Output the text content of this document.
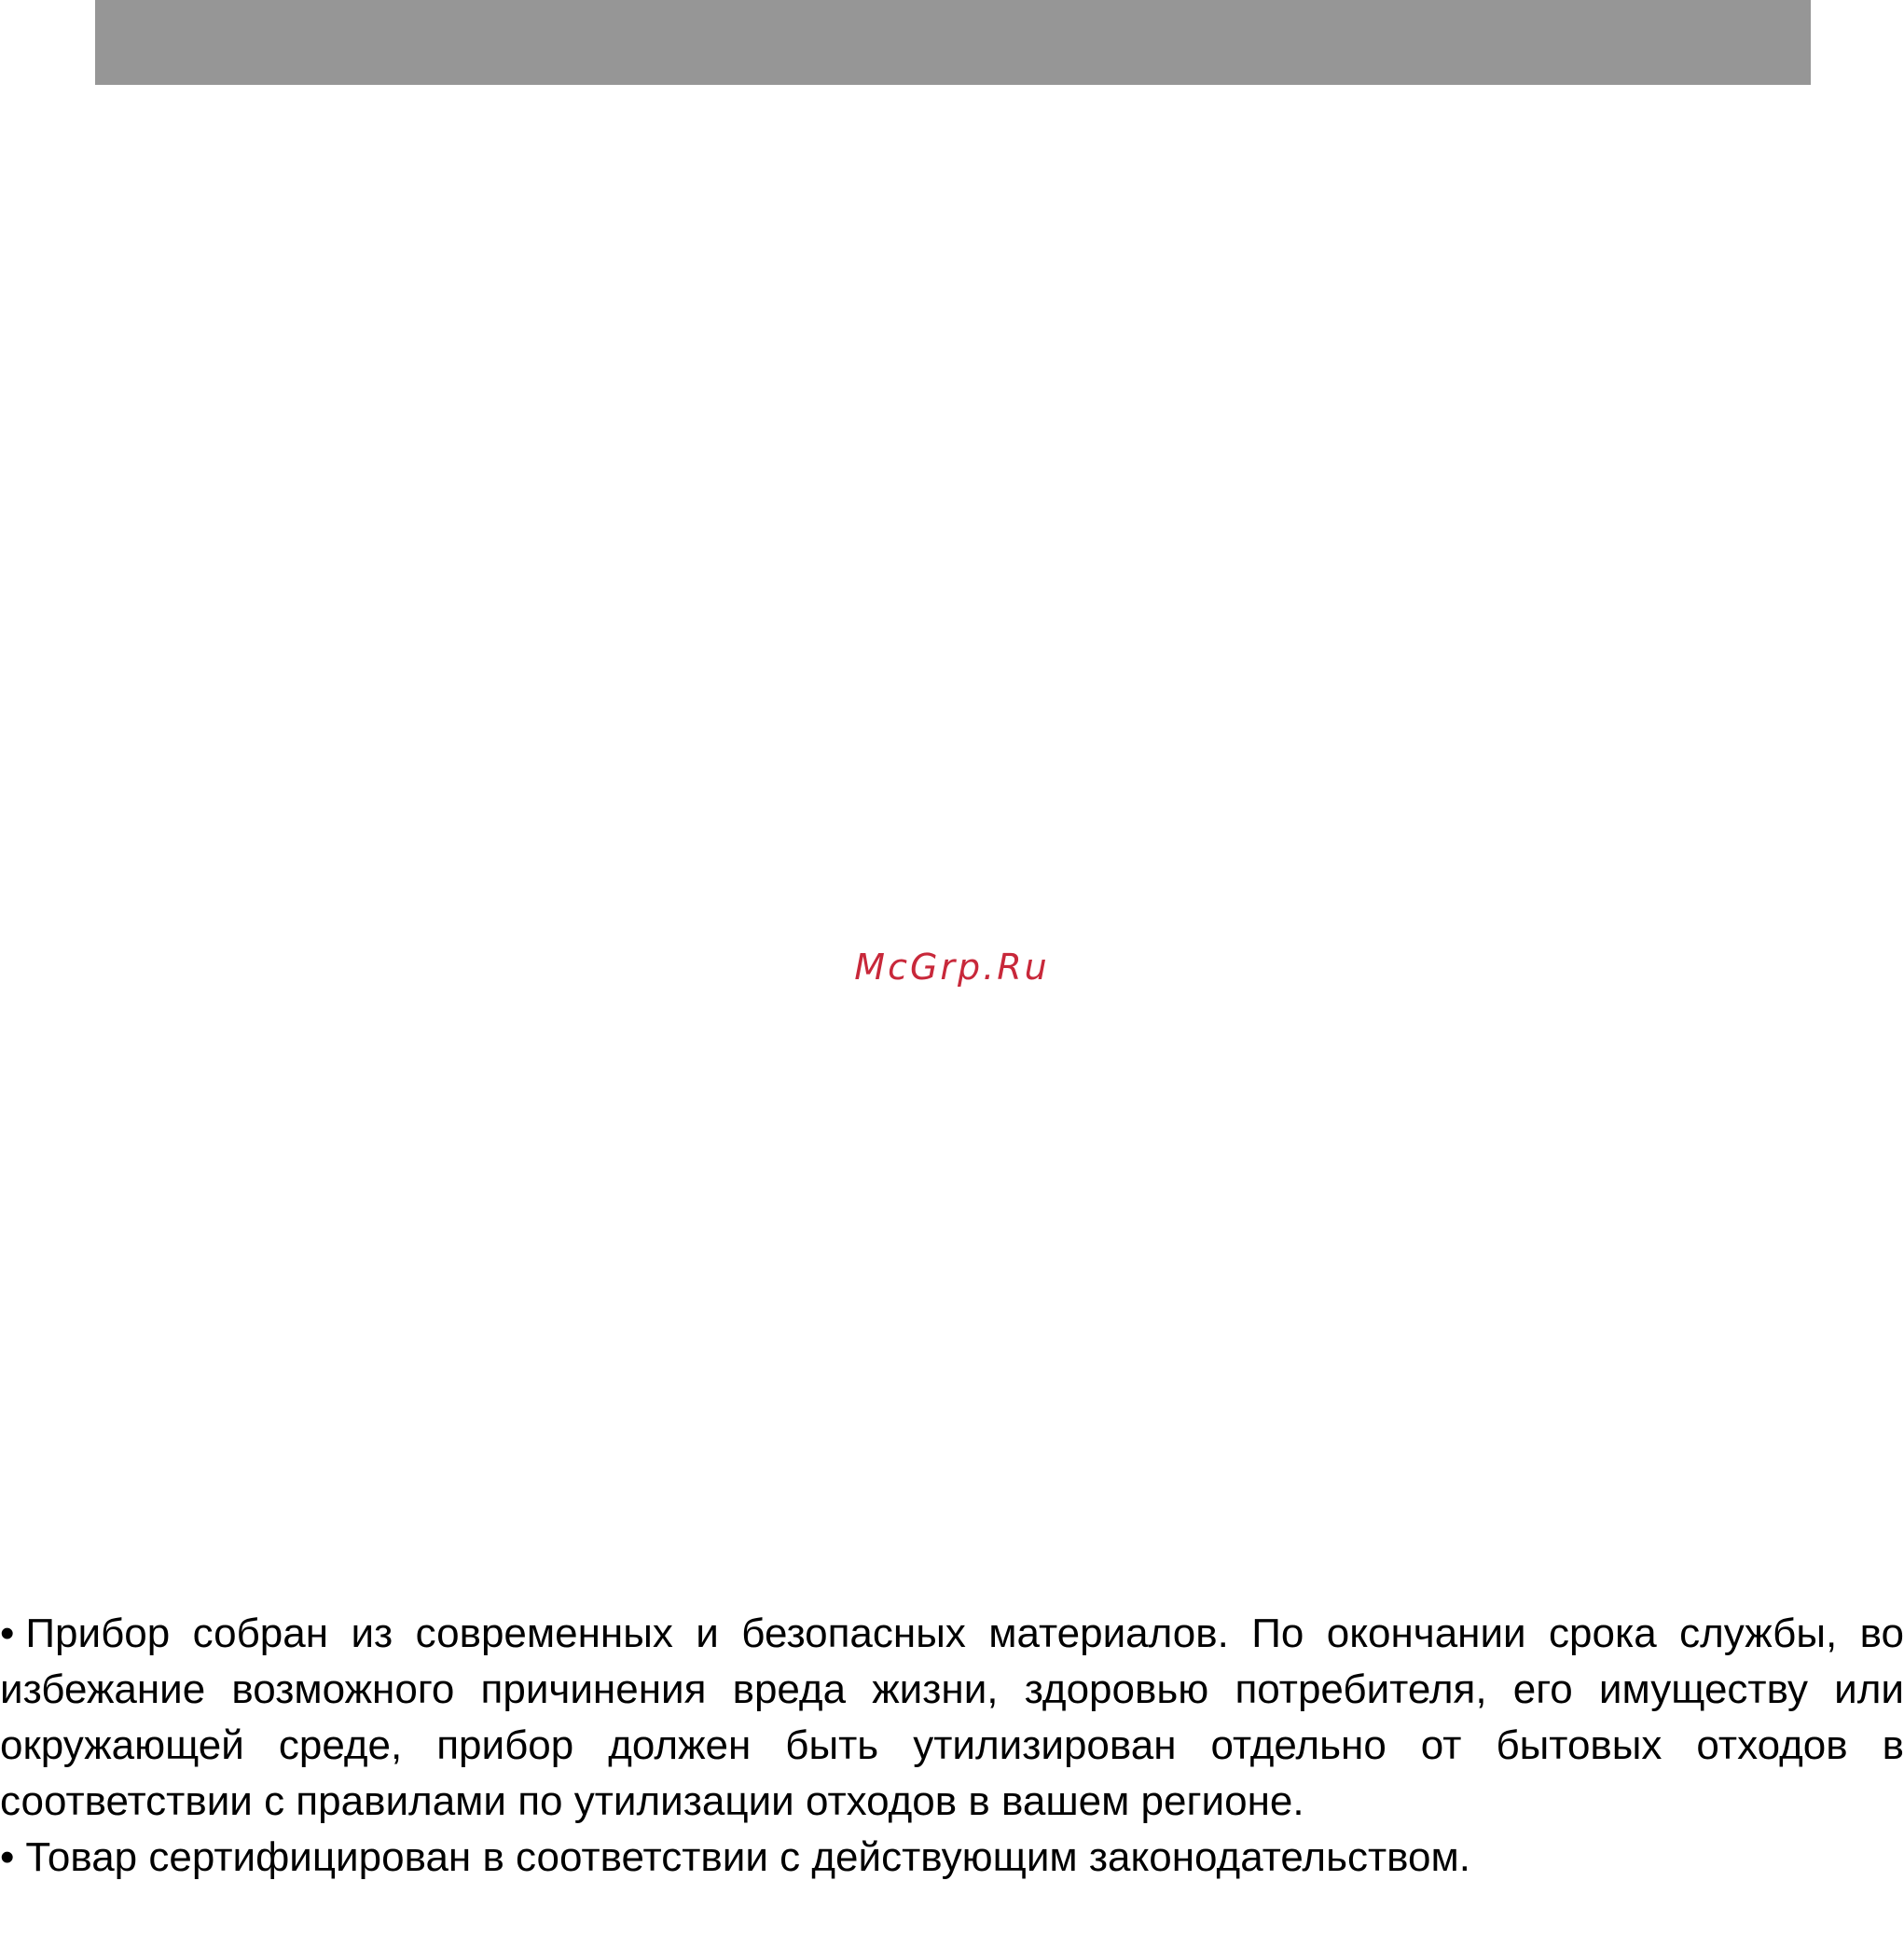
McGrp.Ru

• Прибор собран из современных и безопасных материалов. По окончании срока службы, во избежание возможного причинения вреда жизни, здоровью потребителя, его имуществу или окружающей среде, прибор должен быть утилизирован отдельно от бытовых отходов в соответствии с правилами по утилизации отходов в вашем регионе.

• Товар сертифицирован в соответствии с действующим законодательством.
